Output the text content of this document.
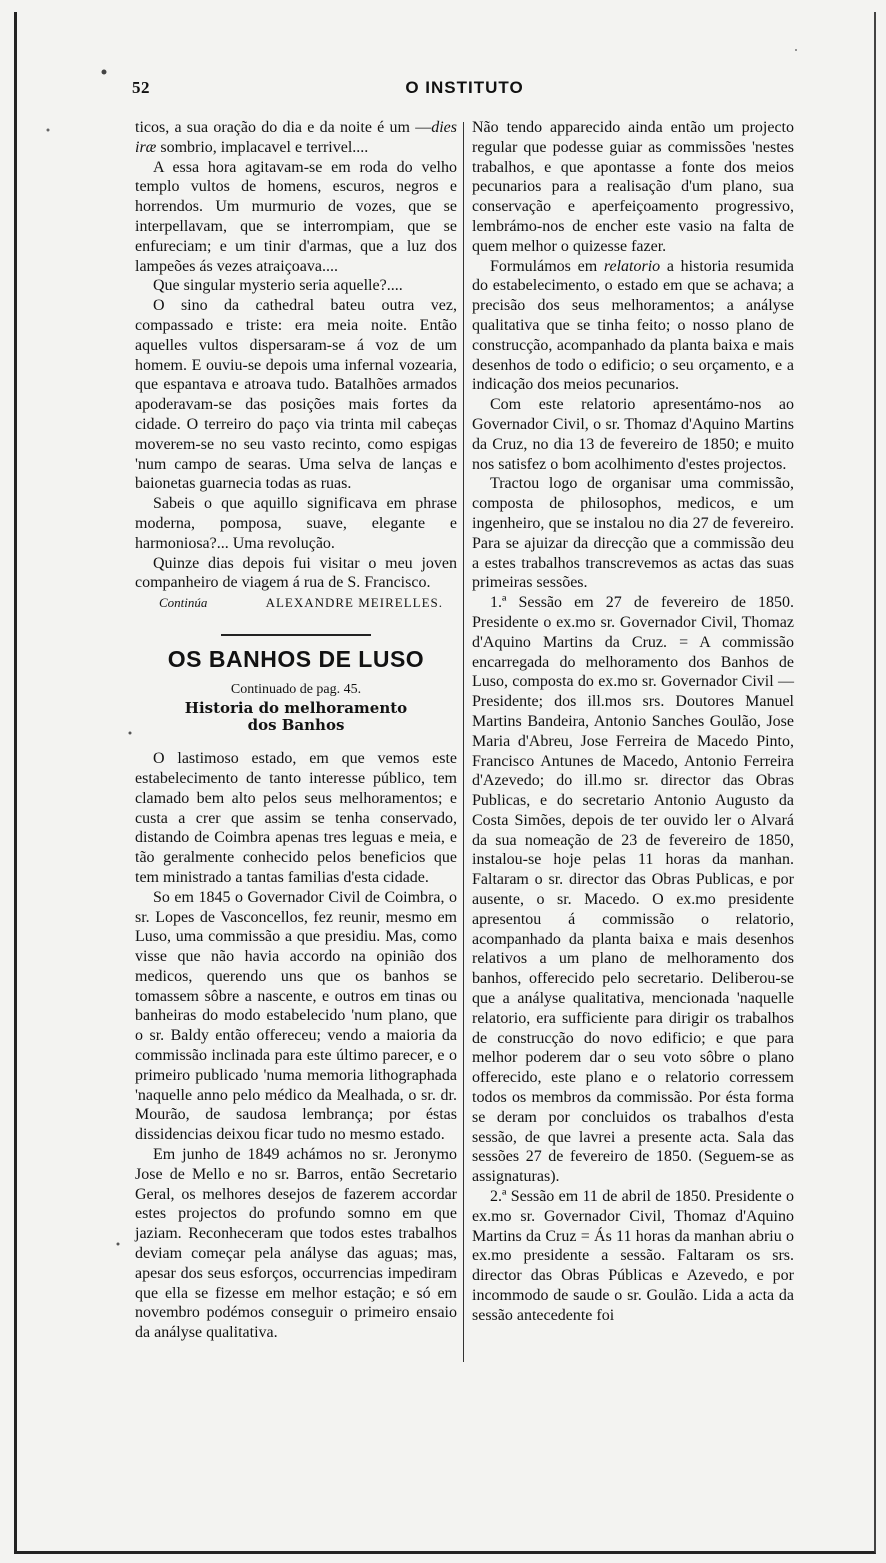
52	O INSTITUTO

ticos, a sua oração do dia e da noite é um —dies iræ sombrio, implacavel e terrivel....

A essa hora agitavam-se em roda do velho templo vultos de homens, escuros, negros e horrendos. Um murmurio de vozes, que se interpellavam, que se interrompiam, que se enfureciam; e um tinir d'armas, que a luz dos lampeões ás vezes atraiçoava....

Que singular mysterio seria aquelle?....

O sino da cathedral bateu outra vez, compassado e triste: era meia noite. Então aquelles vultos dispersaram-se á voz de um homem. E ouviu-se depois uma infernal vozearia, que espantava e atroava tudo. Batalhões armados apoderavam-se das posições mais fortes da cidade. O terreiro do paço via trinta mil cabeças moverem-se no seu vasto recinto, como espigas 'num campo de searas. Uma selva de lanças e baionetas guarnecia todas as ruas.

Sabeis o que aquillo significava em phrase moderna, pomposa, suave, elegante e harmoniosa?... Uma revolução.

Quinze dias depois fui visitar o meu joven companheiro de viagem á rua de S. Francisco.

Continúa	ALEXANDRE MEIRELLES.
OS BANHOS DE LUSO
Continuado de pag. 45.
Historia do melhoramento
dos Banhos

O lastimoso estado, em que vemos este estabelecimento de tanto interesse público, tem clamado bem alto pelos seus melhoramentos; e custa a crer que assim se tenha conservado, distando de Coimbra apenas tres leguas e meia, e tão geralmente conhecido pelos beneficios que tem ministrado a tantas familias d'esta cidade.

So em 1845 o Governador Civil de Coimbra, o sr. Lopes de Vasconcellos, fez reunir, mesmo em Luso, uma commissão a que presidiu. Mas, como visse que não havia accordo na opinião dos medicos, querendo uns que os banhos se tomassem sôbre a nascente, e outros em tinas ou banheiras do modo estabelecido 'num plano, que o sr. Baldy então offereceu; vendo a maioria da commissão inclinada para este último parecer, e o primeiro publicado 'numa memoria lithographada 'naquelle anno pelo médico da Mealhada, o sr. dr. Mourão, de saudosa lembrança; por éstas dissidencias deixou ficar tudo no mesmo estado.

Em junho de 1849 achámos no sr. Jeronymo Jose de Mello e no sr. Barros, então Secretario Geral, os melhores desejos de fazerem accordar estes projectos do profundo somno em que jaziam. Reconheceram que todos estes trabalhos deviam começar pela anályse das aguas; mas, apesar dos seus esforços, occurrencias impediram que ella se fizesse em melhor estação; e só em novembro podémos conseguir o primeiro ensaio da anályse qualitativa.

Não tendo apparecido ainda então um projecto regular que podesse guiar as commissões 'nestes trabalhos, e que apontasse a fonte dos meios pecunarios para a realisação d'um plano, sua conservação e aperfeiçoamento progressivo, lembrámo-nos de encher este vasio na falta de quem melhor o quizesse fazer.

Formulámos em relatorio a historia resumida do estabelecimento, o estado em que se achava; a precisão dos seus melhoramentos; a anályse qualitativa que se tinha feito; o nosso plano de construcção, acompanhado da planta baixa e mais desenhos de todo o edificio; o seu orçamento, e a indicação dos meios pecunarios.

Com este relatorio apresentámo-nos ao Governador Civil, o sr. Thomaz d'Aquino Martins da Cruz, no dia 13 de fevereiro de 1850; e muito nos satisfez o bom acolhimento d'estes projectos.

Tractou logo de organisar uma commissão, composta de philosophos, medicos, e um ingenheiro, que se instalou no dia 27 de fevereiro. Para se ajuizar da direcção que a commissão deu a estes trabalhos transcrevemos as actas das suas primeiras sessões.

1.ª Sessão em 27 de fevereiro de 1850. Presidente o ex.mo sr. Governador Civil, Thomaz d'Aquino Martins da Cruz. = A commissão encarregada do melhoramento dos Banhos de Luso, composta do ex.mo sr. Governador Civil — Presidente; dos ill.mos srs. Doutores Manuel Martins Bandeira, Antonio Sanches Goulão, Jose Maria d'Abreu, Jose Ferreira de Macedo Pinto, Francisco Antunes de Macedo, Antonio Ferreira d'Azevedo; do ill.mo sr. director das Obras Publicas, e do secretario Antonio Augusto da Costa Simões, depois de ter ouvido ler o Alvará da sua nomeação de 23 de fevereiro de 1850, instalou-se hoje pelas 11 horas da manhan. Faltaram o sr. director das Obras Publicas, e por ausente, o sr. Macedo. O ex.mo presidente apresentou á commissão o relatorio, acompanhado da planta baixa e mais desenhos relativos a um plano de melhoramento dos banhos, offerecido pelo secretario. Deliberou-se que a anályse qualitativa, mencionada 'naquelle relatorio, era sufficiente para dirigir os trabalhos de construcção do novo edificio; e que para melhor poderem dar o seu voto sôbre o plano offerecido, este plano e o relatorio corressem todos os membros da commissão. Por ésta forma se deram por concluidos os trabalhos d'esta sessão, de que lavrei a presente acta. Sala das sessões 27 de fevereiro de 1850. (Seguem-se as assignaturas).

2.ª Sessão em 11 de abril de 1850. Presidente o ex.mo sr. Governador Civil, Thomaz d'Aquino Martins da Cruz = Ás 11 horas da manhan abriu o ex.mo presidente a sessão. Faltaram os srs. director das Obras Públicas e Azevedo, e por incommodo de saude o sr. Goulão. Lida a acta da sessão antecedente foi
